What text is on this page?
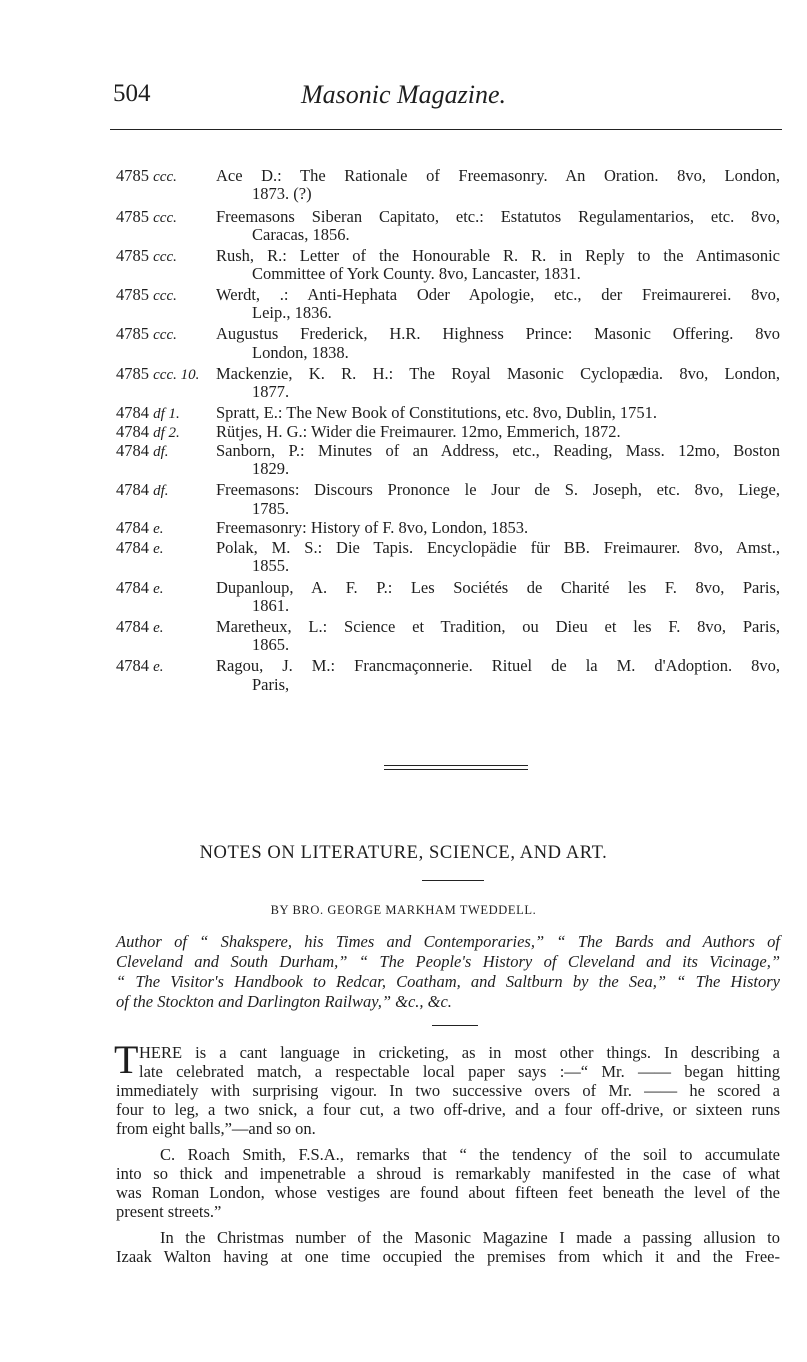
504	Masonic Magazine.
4785 ccc. Ace D.: The Rationale of Freemasonry. An Oration. 8vo, London,
1873. (?)
4785 ccc. Freemasons Siberan Capitato, etc.: Estatutos Regulamentarios, etc. 8vo,
Caracas, 1856.
4785 ccc. Rush, R.: Letter of the Honourable R. R. in Reply to the Antimasonic
Committee of York County. 8vo, Lancaster, 1831.
4785 ccc. Werdt, .: Anti-Hephata Oder Apologie, etc., der Freimaurerei. 8vo,
Leip., 1836.
4785 ccc. Augustus Frederick, H.R. Highness Prince: Masonic Offering. 8vo
London, 1838.
4785 ccc. 10. Mackenzie, K. R. H.: The Royal Masonic Cyclopædia. 8vo, London,
1877.
4784 df 1. Spratt, E.: The New Book of Constitutions, etc. 8vo, Dublin, 1751.
4784 df 2. Rütjes, H. G.: Wider die Freimaurer. 12mo, Emmerich, 1872.
4784 df.	Sanborn, P.: Minutes of an Address, etc., Reading, Mass. 12mo, Boston
1829.
4784 df.	Freemasons: Discours Prononce le Jour de S. Joseph, etc. 8vo, Liege,
1785.
4784 e.	Freemasonry: History of F. 8vo, London, 1853.
4784 e.	Polak, M. S.: Die Tapis. Encyclopädie für BB. Freimaurer. 8vo, Amst.,
1855.
4784 e.	Dupanloup, A. F. P.: Les Sociétés de Charité les F. 8vo, Paris,
1861.
4784 e.	Maretheux, L.: Science et Tradition, ou Dieu et les F. 8vo, Paris,
1865.
4784 e.	Ragou, J. M.: Francmaçonnerie. Rituel de la M. d'Adoption. 8vo,
Paris,
NOTES ON LITERATURE, SCIENCE, AND ART.
BY BRO. GEORGE MARKHAM TWEDDELL.
Author of “ Shakspere, his Times and Contemporaries,” “ The Bards and Authors of
Cleveland and South Durham,” “ The People's History of Cleveland and its Vicinage,”
“ The Visitor's Handbook to Redcar, Coatham, and Saltburn by the Sea,” “ The History
of the Stockton and Darlington Railway,” &c., &c.
T HERE is a cant language in cricketing, as in most other things. In describing a
late celebrated match, a respectable local paper says :—“ Mr. —— began hitting
immediately with surprising vigour. In two successive overs of Mr. —— he scored a
four to leg, a two snick, a four cut, a two off-drive, and a four off-drive, or sixteen runs
from eight balls,”—and so on.
C. Roach Smith, F.S.A., remarks that “ the tendency of the soil to accumulate
into so thick and impenetrable a shroud is remarkably manifested in the case of what
was Roman London, whose vestiges are found about fifteen feet beneath the level of the
present streets.”
In the Christmas number of the Masonic Magazine I made a passing allusion to
Izaak Walton having at one time occupied the premises from which it and the Free-
